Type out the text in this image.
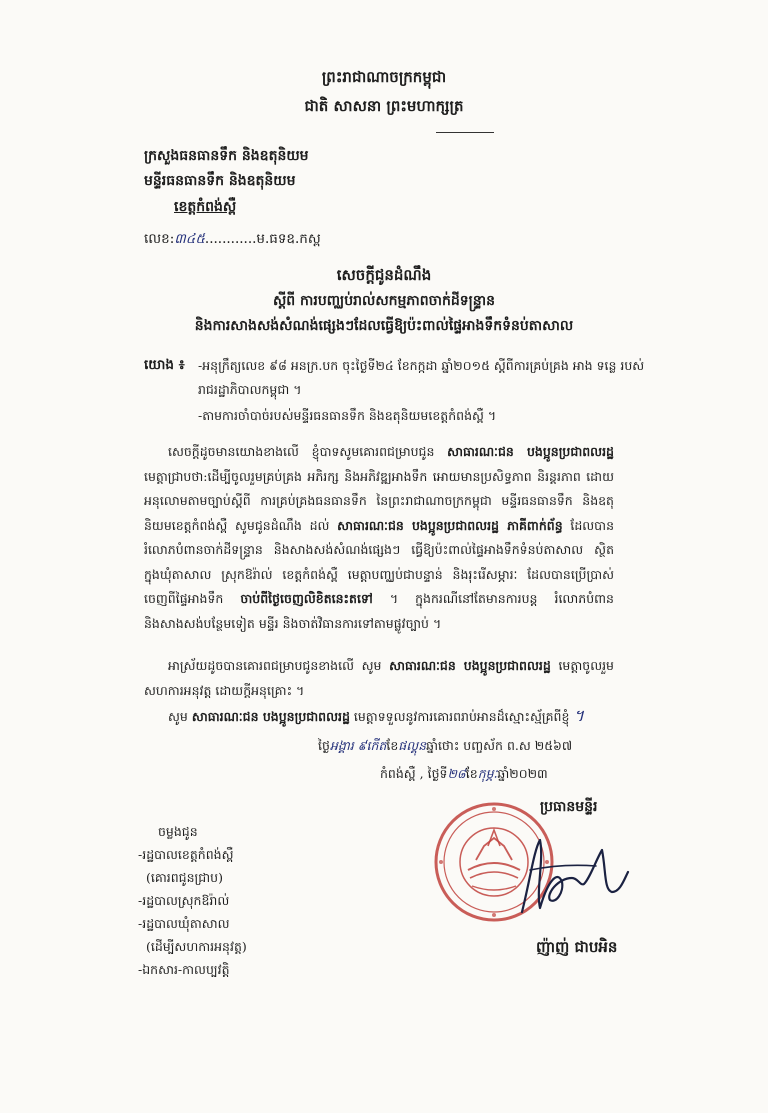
ព្រះរាជាណាចក្រកម្ពុជា

ជាតិ សាសនា ព្រះមហាក្សត្រ

ក្រសួងធនធានទឹក និងឧតុនិយម

មន្ទីរធនធានទឹក និងឧតុនិយម

ខេត្តកំពង់ស្ពឺ

លេខ:៣៤៥............ម.ធទឧ.កស្ព

សេចក្តីជូនដំណឹង

ស្តីពី ការបញ្ឈប់រាល់សកម្មភាពចាក់ដីទន្ទ្រាន

និងការសាងសង់សំណង់ផ្សេងៗដែលធ្វើឱ្យប៉ះពាល់ផ្ទៃអាងទឹកទំនប់តាសាល

យោង ៖ -អនុក្រឹត្យលេខ ៩៨ អនក្រ.បក ចុះថ្ងៃទី២៤ ខែកក្កដា ឆ្នាំ២០១៥ ស្តីពីការគ្រប់គ្រង អាង ទន្លេ របស់រាជរដ្ឋាភិបាលកម្ពុជា ។

-តាមការចាំបាច់របស់មន្ទីរធនធានទឹក និងឧតុនិយមខេត្តកំពង់ស្ពឺ ។

សេចក្តីដូចមានយោងខាងលើ ខ្ញុំបាទសូមគោរពជម្រាបជូន សាធារណៈជន បងប្អូនប្រជាពលរដ្ឋ មេត្តាជ្រាបថា:ដើម្បីចូលរួមគ្រប់គ្រង អភិរក្ស និងអភិវឌ្ឍអាងទឹក អោយមានប្រសិទ្ធភាព និរន្តរភាព ដោយអនុលោមតាមច្បាប់ស្តីពី ការគ្រប់គ្រងធនធានទឹក នៃព្រះរាជាណាចក្រកម្ពុជា មន្ទីរធនធានទឹក និងឧតុនិយមខេត្តកំពង់ស្ពឺ សូមជូនដំណឹង ដល់ សាធារណៈជន បងប្អូនប្រជាពលរដ្ឋ ភាគីពាក់ព័ន្ធ ដែលបានរំលោភបំពានចាក់ដីទន្ទ្រាន និងសាងសង់សំណង់ផ្សេងៗ ធ្វើឱ្យប៉ះពាល់ផ្ទៃអាងទឹកទំនប់តាសាល ស្ថិតក្នុងឃុំតាសាល ស្រុកឱរ៉ាល់ ខេត្តកំពង់ស្ពឺ មេត្តាបញ្ឈប់ជាបន្ទាន់ និងរុះរើសម្ភារៈ ដែលបានប្រើប្រាស់ចេញពីផ្ទៃអាងទឹក ចាប់ពីថ្ងៃចេញលិខិតនេះតទៅ ។ ក្នុងករណីនៅតែមានការបន្ត រំលោភបំពាន និងសាងសង់បន្ថែមទៀត មន្ទីរ និងចាត់វិធានការទៅតាមផ្លូវច្បាប់ ។

អាស្រ័យដូចបានគោរពជម្រាបជូនខាងលើ សូម សាធារណៈជន បងប្អូនប្រជាពលរដ្ឋ មេត្តាចូលរួមសហការអនុវត្ត ដោយក្តីអនុគ្រោះ ។

សូម សាធារណៈជន បងប្អូនប្រជាពលរដ្ឋ មេត្តាទទួលនូវការគោរពរាប់អានដ៏ស្មោះស្ម័គ្រពីខ្ញុំ ។

ថ្ងៃអង្គារ ៩កើតខែផល្គុនឆ្នាំថោះ បញ្ចស័ក ព.ស ២៥៦៧

កំពង់ស្ពឺ , ថ្ងៃទី២៨ខែកុម្ភៈឆ្នាំ២០២៣

ប្រធានមន្ទីរ

ញ៉ាញ់ ជាបអិន

ចម្លងជូន

-រដ្ឋបាលខេត្តកំពង់ស្ពឺ

(គោរពជូនជ្រាប)

-រដ្ឋបាលស្រុកឱរ៉ាល់

-រដ្ឋបាលឃុំតាសាល

(ដើម្បីសហការអនុវត្ត)

-ឯកសារ-កាលប្បវត្តិ
